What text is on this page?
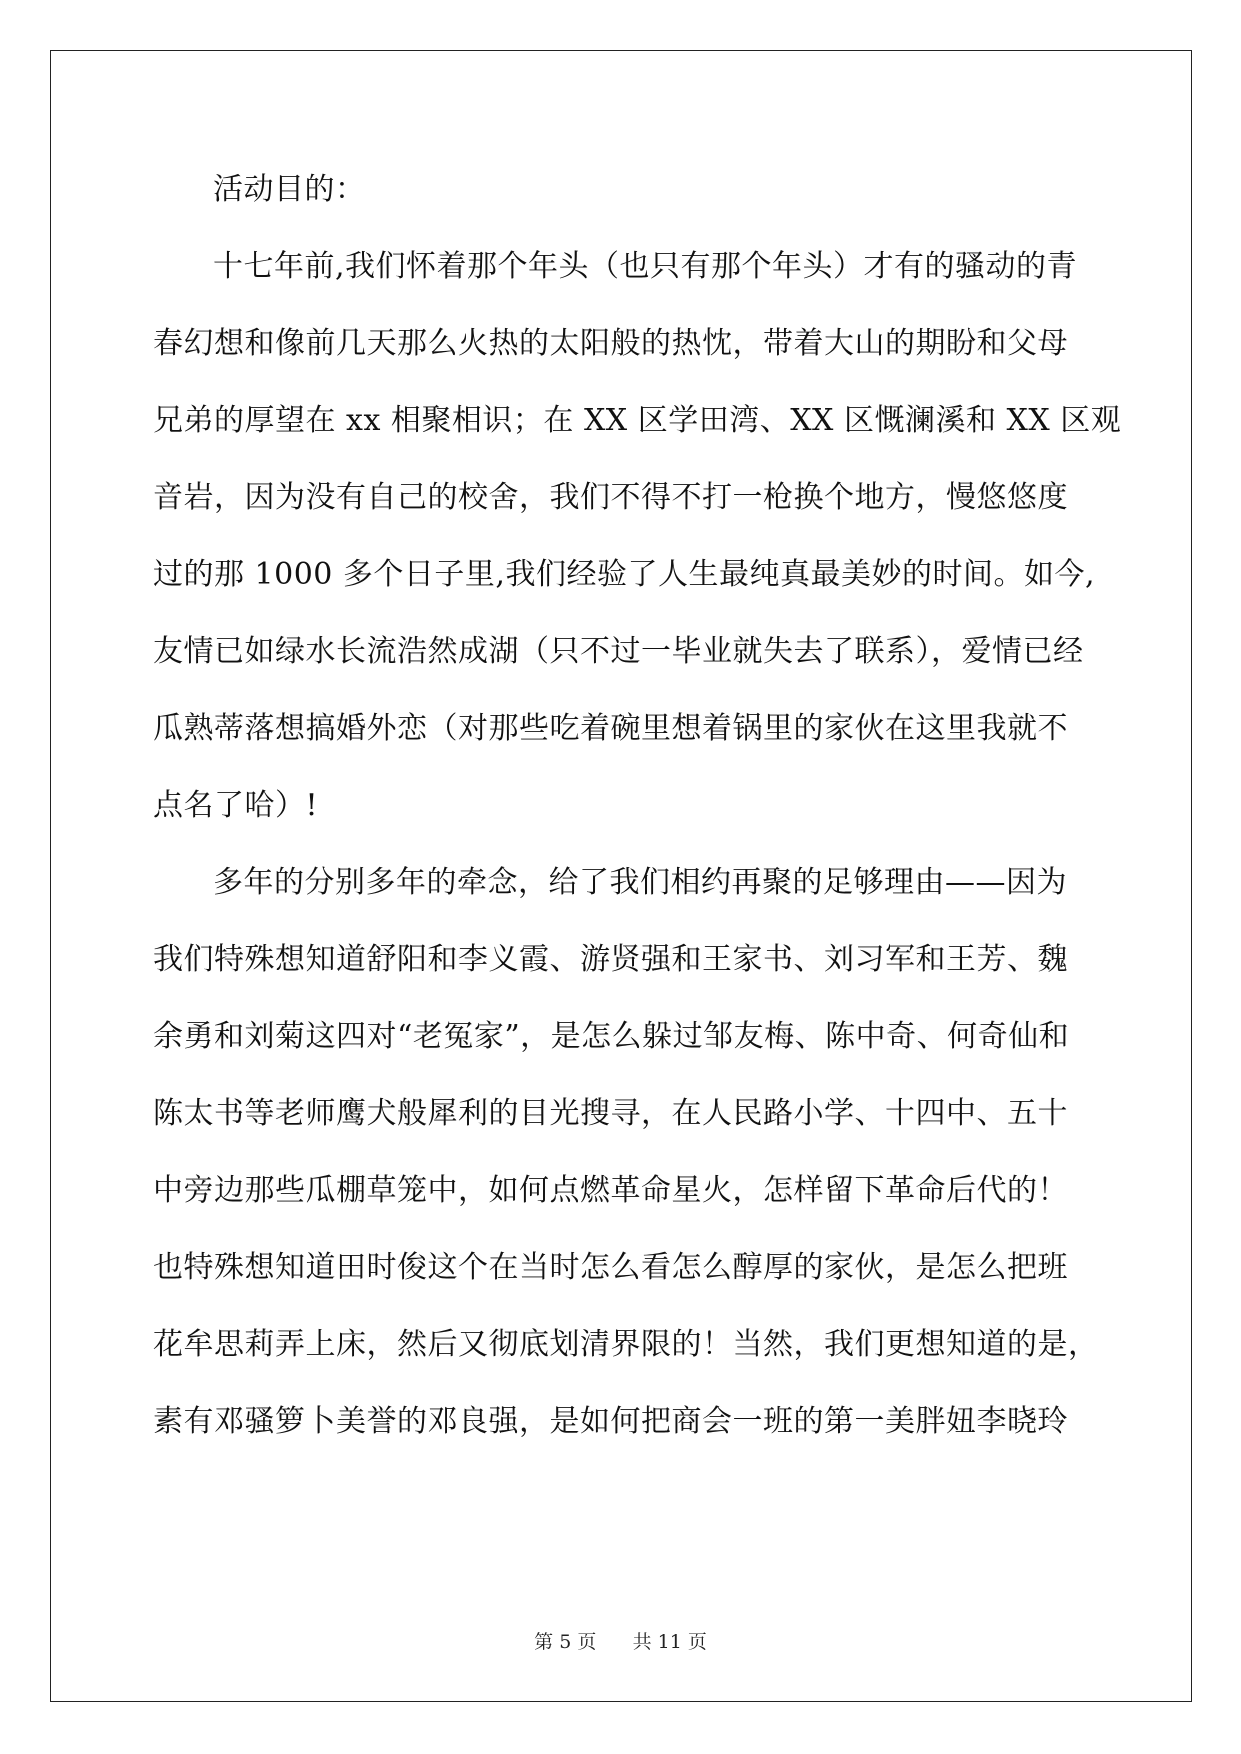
活动目的：
十七年前,我们怀着那个年头（也只有那个年头）才有的骚动的青
春幻想和像前几天那么火热的太阳般的热忱，带着大山的期盼和父母
兄弟的厚望在 xx 相聚相识；在 XX 区学田湾、XX 区慨澜溪和 XX 区观
音岩，因为没有自己的校舍，我们不得不打一枪换个地方，慢悠悠度
过的那 1000 多个日子里,我们经验了人生最纯真最美妙的时间。如今,
友情已如绿水长流浩然成湖（只不过一毕业就失去了联系），爱情已经
瓜熟蒂落想搞婚外恋（对那些吃着碗里想着锅里的家伙在这里我就不
点名了哈）!
多年的分别多年的牵念，给了我们相约再聚的足够理由——因为
我们特殊想知道舒阳和李义霞、游贤强和王家书、刘习军和王芳、魏
余勇和刘菊这四对“老冤家”，是怎么躲过邹友梅、陈中奇、何奇仙和
陈太书等老师鹰犬般犀利的目光搜寻，在人民路小学、十四中、五十
中旁边那些瓜棚草笼中，如何点燃革命星火，怎样留下革命后代的！
也特殊想知道田时俊这个在当时怎么看怎么醇厚的家伙，是怎么把班
花牟思莉弄上床，然后又彻底划清界限的！当然，我们更想知道的是，
素有邓骚箩卜美誉的邓良强，是如何把商会一班的第一美胖妞李晓玲
第 5 页 共 11 页
